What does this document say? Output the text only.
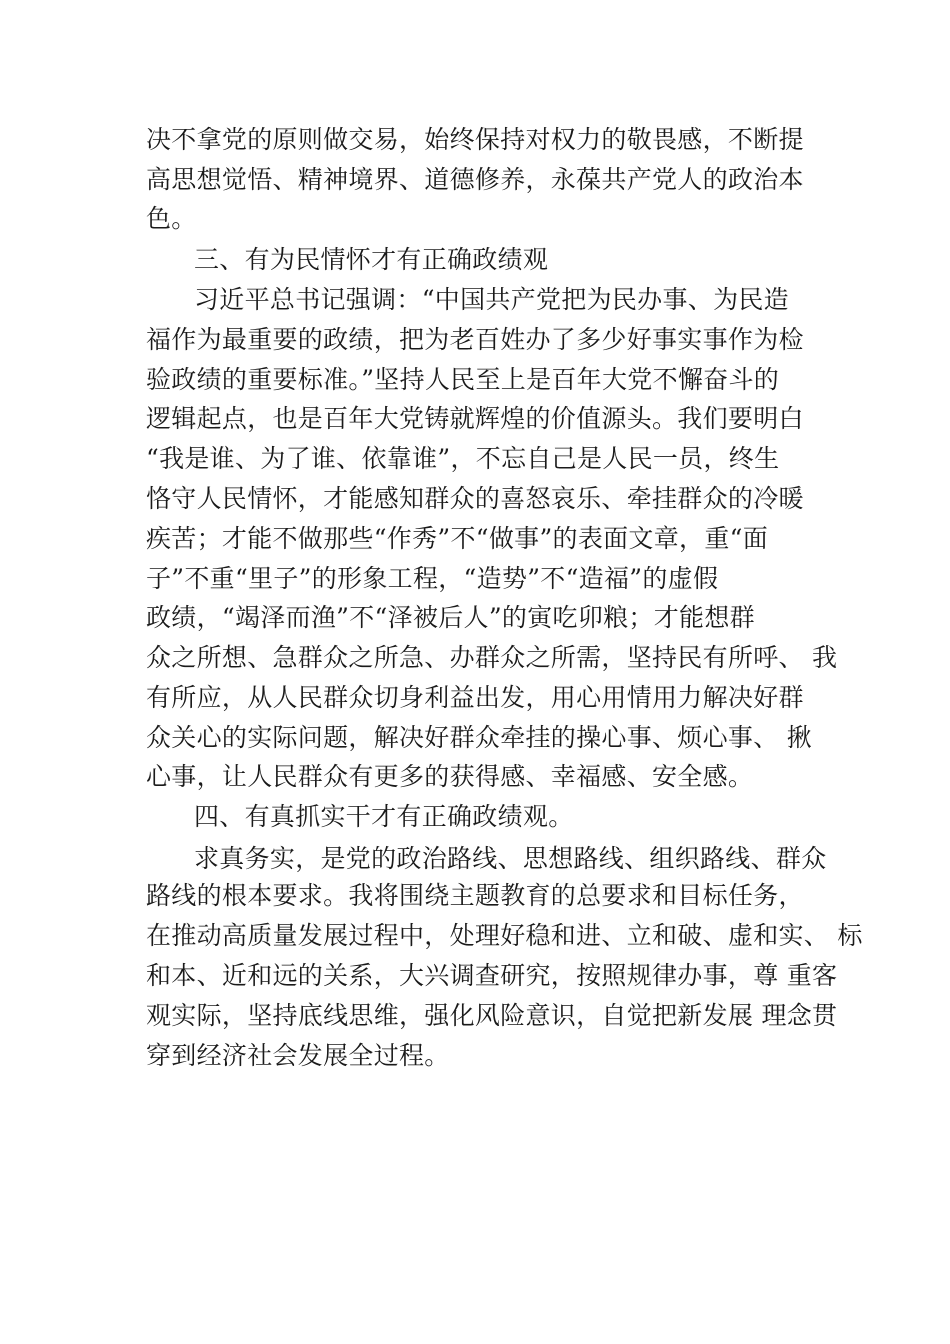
决不拿党的原则做交易，始终保持对权力的敬畏感，不断提
高思想觉悟、精神境界、道德修养，永葆共产党人的政治本
色。
三、有为民情怀才有正确政绩观
习近平总书记强调：“中国共产党把为民办事、为民造
福作为最重要的政绩，把为老百姓办了多少好事实事作为检
验政绩的重要标准。”坚持人民至上是百年大党不懈奋斗的
逻辑起点，也是百年大党铸就辉煌的价值源头。我们要明白
“我是谁、为了谁、依靠谁”，不忘自己是人民一员，终生
恪守人民情怀，才能感知群众的喜怒哀乐、牵挂群众的冷暖
疾苦；才能不做那些“作秀”不“做事”的表面文章，重“面
子”不重“里子”的形象工程，“造势”不“造福”的虚假
政绩，“竭泽而渔”不“泽被后人”的寅吃卯粮；才能想群
众之所想、急群众之所急、办群众之所需，坚持民有所呼、 我
有所应，从人民群众切身利益出发，用心用情用力解决好群
众关心的实际问题，解决好群众牵挂的操心事、烦心事、 揪
心事，让人民群众有更多的获得感、幸福感、安全感。
四、有真抓实干才有正确政绩观。
求真务实，是党的政治路线、思想路线、组织路线、群众
路线的根本要求。我将围绕主题教育的总要求和目标任务，
在推动高质量发展过程中，处理好稳和进、立和破、虚和实、 标
和本、近和远的关系，大兴调查研究，按照规律办事，尊 重客
观实际，坚持底线思维，强化风险意识，自觉把新发展 理念贯
穿到经济社会发展全过程。
